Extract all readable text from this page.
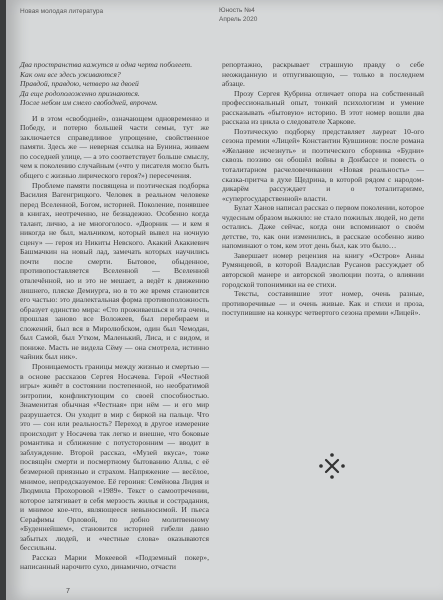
Новая молодая литература	Юность №4
Апрель 2020
Два пространства кажутся и одна черта поболеет.
Как они все здесь уживаются?
Правдой, правдою, четверо на двоей
Да еще родоположенно признаются.
После небом им смело свободней, впрочем.

И в этом «свободней», означающем одновременно и Победу, и потерю большей части семьи, тут же заключается справедливое упрощение, свойственное памяти. Здесь же — неверная ссылка на Бунина, живаем по соседней улице, — а это соответствует больше смыслу, чем к поколению случайным («что у писателя могло быть общего с жизнью лирического героя?») пересечения.

Проблеме памяти посвящена и поэтическая подборка Василия Вагенгрицкого. Человек в реальном человеке перед Вселенной, Богом, историей. Поколение, понявшее в книгах, неотреченно, не безнадежно. Особенно когда талант, лично, а не многоголосо. «Дворник — и кем я никогда не был, мальчиком, который вывел на ночную сцену» — героя из Никиты Невского. Акакий Акакиевич Башмачкин на новый лад, замечать которых научились почти после смерти. Бытовое, обыденное, противопоставляется Вселенной — Вселенной отвлечённой, но и это не мешает, а ведёт к движению лишнего, пляске Демиурга, но в то же время становится его частью: это диалектальная форма противоположность образует единство мира: «Сто проживаешься и эта очень, прошлая заново все Воложеев, был перебираем и сложений, был вся в Миролюбском, один был Чемодан, был Самой, был Утком, Маленький, Лиса, и с видом, и пониже. Масть не видела Сёму — она смотрела, истинно чайник был ник».

Проницаемость границы между жизнью и смертью — в основе рассказов Сергея Носачева. Герой «Честной игры» живёт в состоянии постепенной, но необратимой энтропии, конфликтующим со своей способностью. Знаменитая обычная «Честная» при нём — и его мир разрушается. Он уходит в мир с биркой на пальце. Что это — сон или реальность? Переход в другое измерение происходит у Носачева так легко и внешне, что боковые романтика и сближение с потусторонним — вводит в заблуждение. Второй рассказ, «Музей вкуса», тоже посвящён смерти и посмертному бытованию Аллы, с её безмерной приязнью и страхом. Напряжение — весёлое, мнимое, непредсказуемое. Её героиня: Семёнова Лидия и Людмила Прохоровой «1989». Текст о самоотречении, которое затягивает в себя мерзость жилья и сострадания, и мнимое кое-что, являющееся невыносимой. И пьеса Серафимы Орловой, по добно молитвенному «Буденнейшем», становится историей гибели давно забытых людей, и «честные слова» оказываются бессильны.

Рассказ Марии Мокеевой «Подземный покер», написанный нарочито сухо, динамично, отчасти

репортажно, раскрывает страшную правду о себе неожиданную и отпугивающую, — только в последнем абзаце.

Прозу Сергея Кубрина отличает опора на собственный профессиональный опыт, тонкий психологизм и умение рассказывать «бытовую» историю. В этот номер вошли два рассказа из цикла о следователе Харкове.

Поэтическую подборку представляет лауреат 10-ого сезона премии «Лицей» Константин Кувшинов: после романа «Желание исчезнуть» и поэтического сборника «Будни» сквозь поэзию он обошёл войны в Донбассе и повесть о тоталитарном расчеловечивании «Новая реальность» — сказка-притча в духе Щедрина, в которой рядом с народом-дикарём рассуждает и о тоталитаризме, «супергосударственной» власти.

Булат Ханов написал рассказ о первом поколении, которое чудесным образом выжило: не стало пожилых людей, но дети остались. Даже сейчас, когда они вспоминают о своём детстве, то, как они изменились, в рассказе особенно живо напоминают о том, кем этот день был, как это было…

Завершает номер рецензия на книгу «Остров» Анны Румянцевой, в которой Владислав Русанов рассуждает об авторской манере и авторской эволюции поэта, о влиянии городской топонимики на ее стихи.

Тексты, составившие этот номер, очень разные, противоречивые — и очень живые. Как и стихи и проза, поступившие на конкурс четвертого сезона премии «Лицей».

7
